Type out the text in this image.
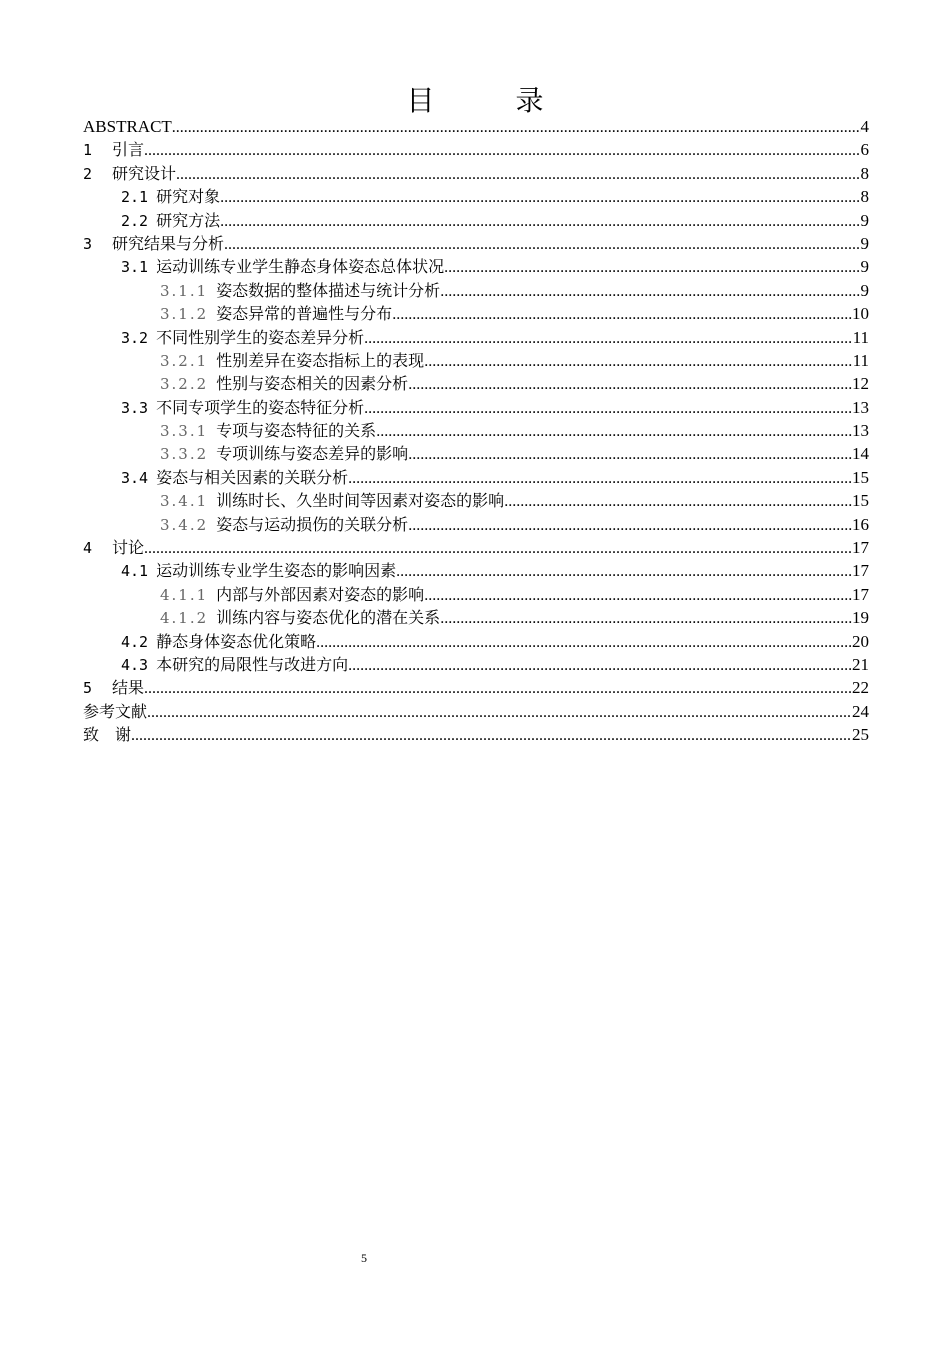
目 录
ABSTRACT .....	4
1 引言 .....	6
2 研究设计 .....	8
2.1 研究对象 .....	8
2.2 研究方法 .....	9
3 研究结果与分析 .....	9
3.1 运动训练专业学生静态身体姿态总体状况 .....	9
3.1.1 姿态数据的整体描述与统计分析 .....	9
3.1.2 姿态异常的普遍性与分布 .....	10
3.2 不同性别学生的姿态差异分析 .....	11
3.2.1 性别差异在姿态指标上的表现 .....	11
3.2.2 性别与姿态相关的因素分析 .....	12
3.3 不同专项学生的姿态特征分析 .....	13
3.3.1 专项与姿态特征的关系 .....	13
3.3.2 专项训练与姿态差异的影响 .....	14
3.4 姿态与相关因素的关联分析 .....	15
3.4.1 训练时长、久坐时间等因素对姿态的影响 .....	15
3.4.2 姿态与运动损伤的关联分析 .....	16
4 讨论 .....	17
4.1 运动训练专业学生姿态的影响因素 .....	17
4.1.1 内部与外部因素对姿态的影响 .....	17
4.1.2 训练内容与姿态优化的潜在关系 .....	19
4.2 静态身体姿态优化策略 .....	20
4.3 本研究的局限性与改进方向 .....	21
5 结果 .....	22
参考文献 .....	24
致　谢 .....	25
5
